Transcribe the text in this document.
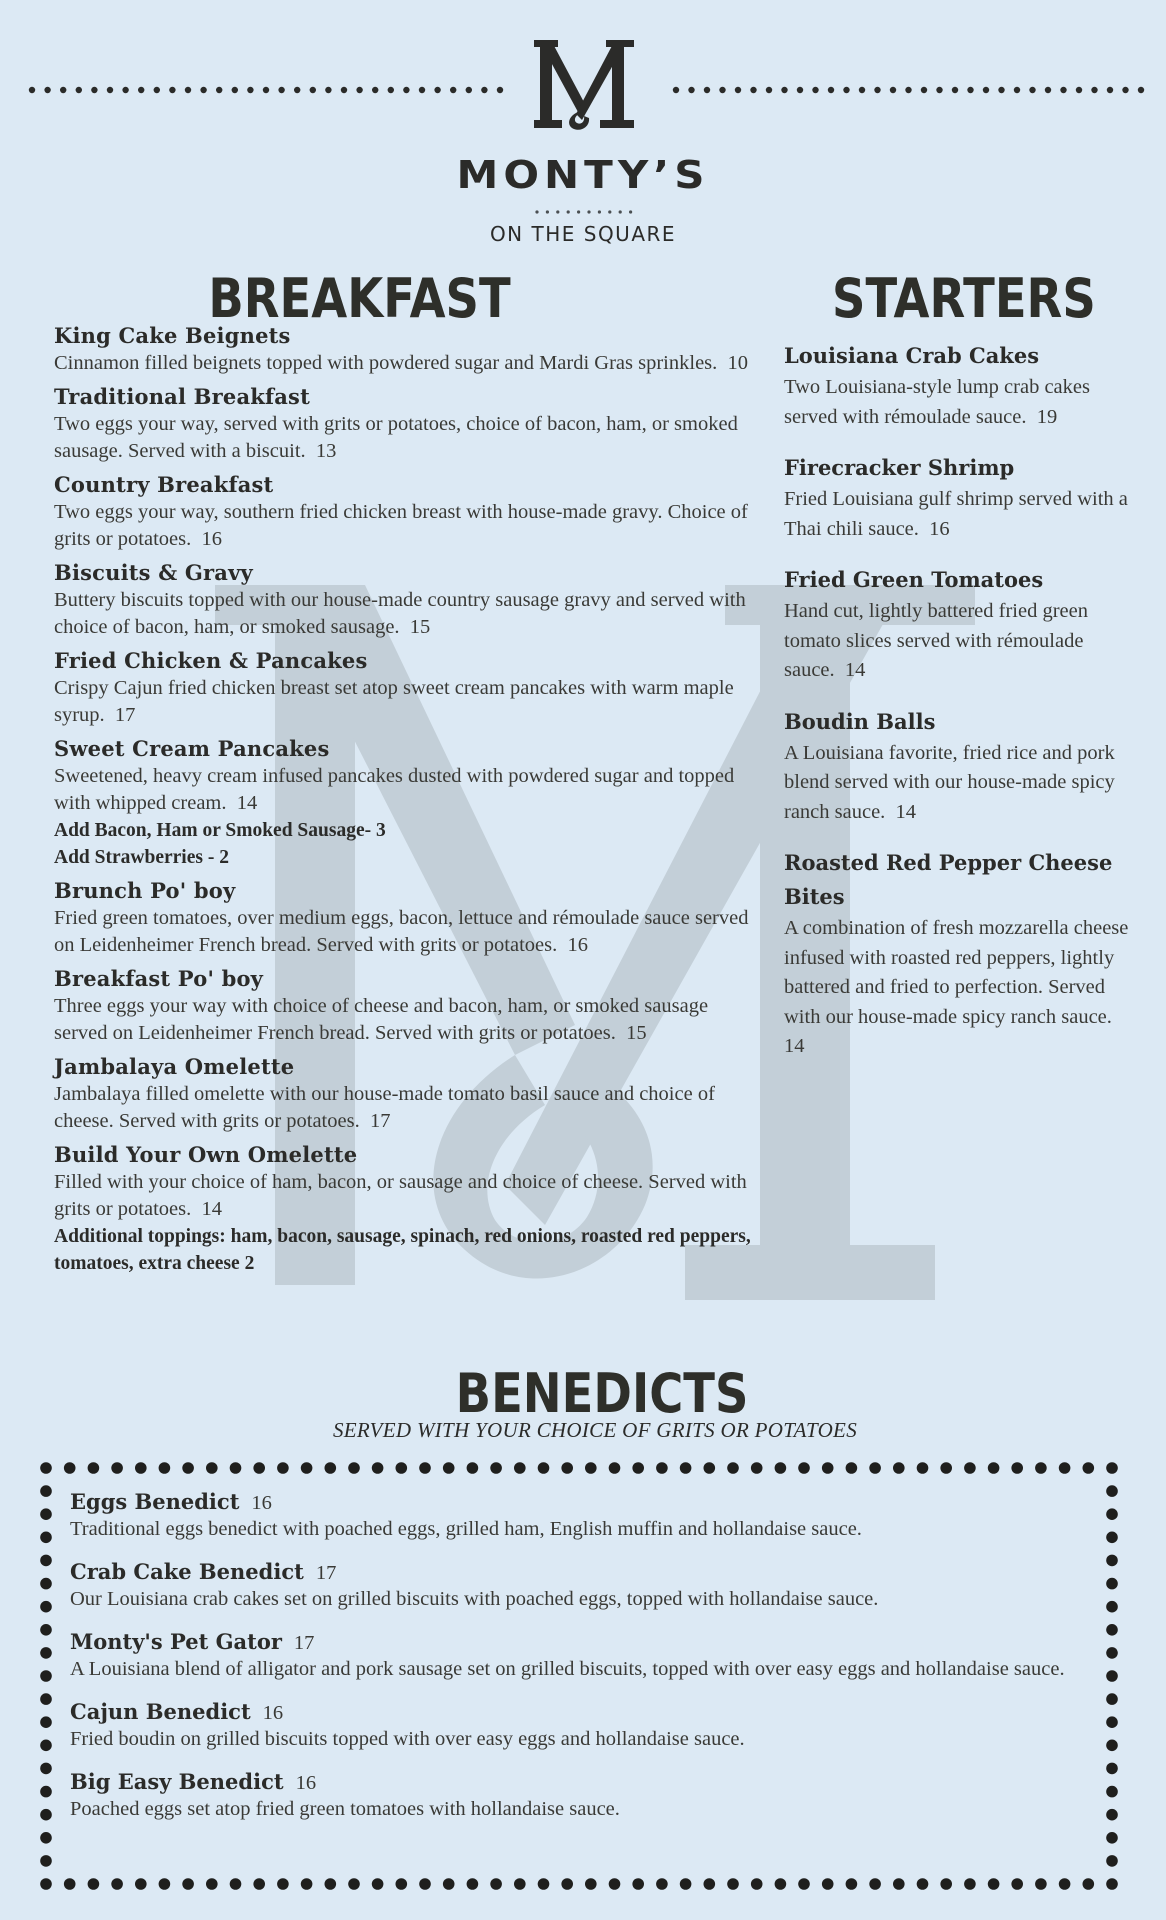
MONTY’S
ON THE SQUARE
BREAKFAST	STARTERS
King Cake Beignets
Cinnamon filled beignets topped with powdered sugar and Mardi Gras sprinkles.  10
Traditional Breakfast
Two eggs your way, served with grits or potatoes, choice of bacon, ham, or smoked sausage. Served with a biscuit.  13
Country Breakfast
Two eggs your way, southern fried chicken breast with house-made gravy. Choice of grits or potatoes.  16
Biscuits & Gravy
Buttery biscuits topped with our house-made country sausage gravy and served with choice of bacon, ham, or smoked sausage.  15
Fried Chicken & Pancakes
Crispy Cajun fried chicken breast set atop sweet cream pancakes with warm maple syrup.  17
Sweet Cream Pancakes
Sweetened, heavy cream infused pancakes dusted with powdered sugar and topped with whipped cream.  14
Add Bacon, Ham or Smoked Sausage- 3
Add Strawberries - 2
Brunch Po' boy
Fried green tomatoes, over medium eggs, bacon, lettuce and rémoulade sauce served on Leidenheimer French bread. Served with grits or potatoes.  16
Breakfast Po' boy
Three eggs your way with choice of cheese and bacon, ham, or smoked sausage served on Leidenheimer French bread. Served with grits or potatoes.  15
Jambalaya Omelette
Jambalaya filled omelette with our house-made tomato basil sauce and choice of cheese. Served with grits or potatoes.  17
Build Your Own Omelette
Filled with your choice of ham, bacon, or sausage and choice of cheese. Served with grits or potatoes.  14
Additional toppings: ham, bacon, sausage, spinach, red onions, roasted red peppers, tomatoes, extra cheese 2
Louisiana Crab Cakes
Two Louisiana-style lump crab cakes served with rémoulade sauce.  19
Firecracker Shrimp
Fried Louisiana gulf shrimp served with a Thai chili sauce.  16
Fried Green Tomatoes
Hand cut, lightly battered fried green tomato slices served with rémoulade sauce.  14
Boudin Balls
A Louisiana favorite, fried rice and pork blend served with our house-made spicy ranch sauce.  14
Roasted Red Pepper Cheese Bites
A combination of fresh mozzarella cheese infused with roasted red peppers, lightly battered and fried to perfection. Served with our house-made spicy ranch sauce.  14
BENEDICTS
SERVED WITH YOUR CHOICE OF GRITS OR POTATOES
Eggs Benedict 16
Traditional eggs benedict with poached eggs, grilled ham, English muffin and hollandaise sauce.
Crab Cake Benedict 17
Our Louisiana crab cakes set on grilled biscuits with poached eggs, topped with hollandaise sauce.
Monty's Pet Gator 17
A Louisiana blend of alligator and pork sausage set on grilled biscuits, topped with over easy eggs and hollandaise sauce.
Cajun Benedict 16
Fried boudin on grilled biscuits topped with over easy eggs and hollandaise sauce.
Big Easy Benedict 16
Poached eggs set atop fried green tomatoes with hollandaise sauce.
